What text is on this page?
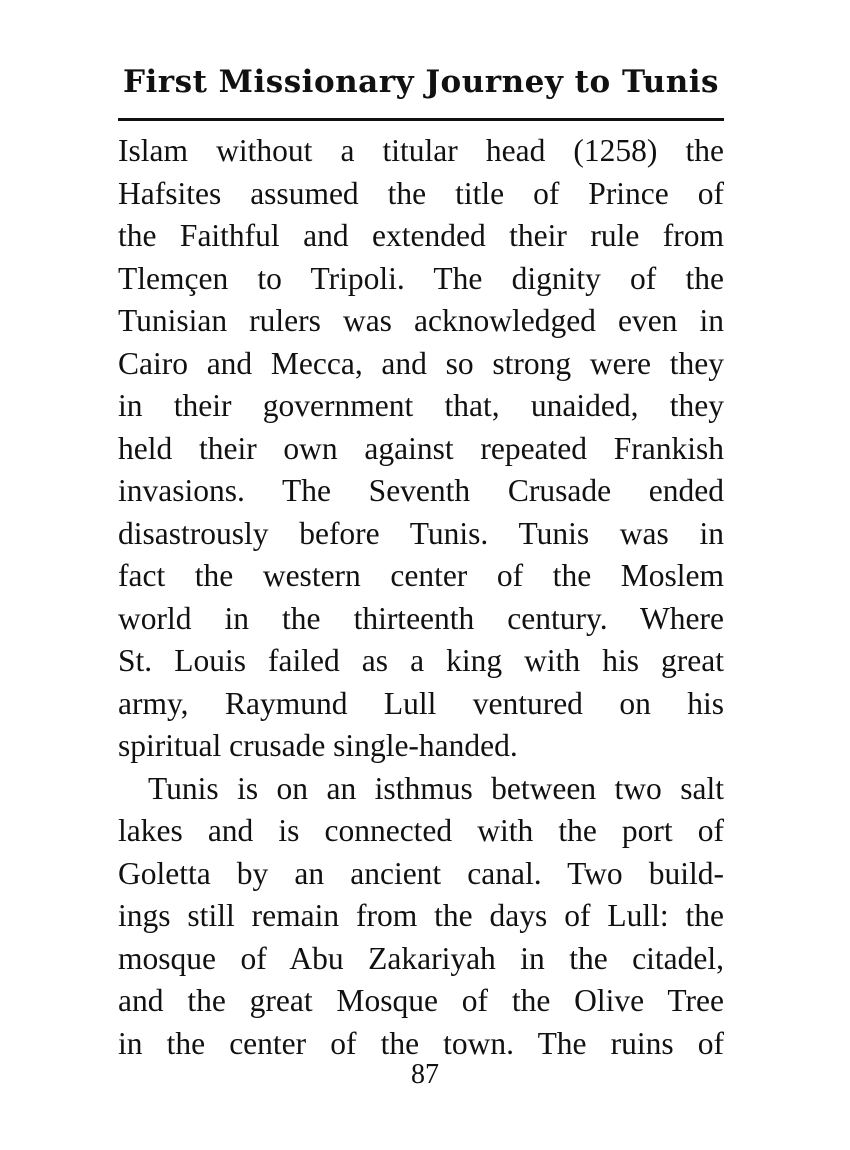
First Missionary Journey to Tunis
Islam without a titular head (1258) the
Hafsites assumed the title of Prince of
the Faithful and extended their rule from
Tlemçen to Tripoli. The dignity of the
Tunisian rulers was acknowledged even in
Cairo and Mecca, and so strong were they
in their government that, unaided, they
held their own against repeated Frankish
invasions. The Seventh Crusade ended
disastrously before Tunis. Tunis was in
fact the western center of the Moslem
world in the thirteenth century. Where
St. Louis failed as a king with his great
army, Raymund Lull ventured on his
spiritual crusade single-handed.
Tunis is on an isthmus between two salt
lakes and is connected with the port of
Goletta by an ancient canal. Two build-
ings still remain from the days of Lull: the
mosque of Abu Zakariyah in the citadel,
and the great Mosque of the Olive Tree
in the center of the town. The ruins of
87
